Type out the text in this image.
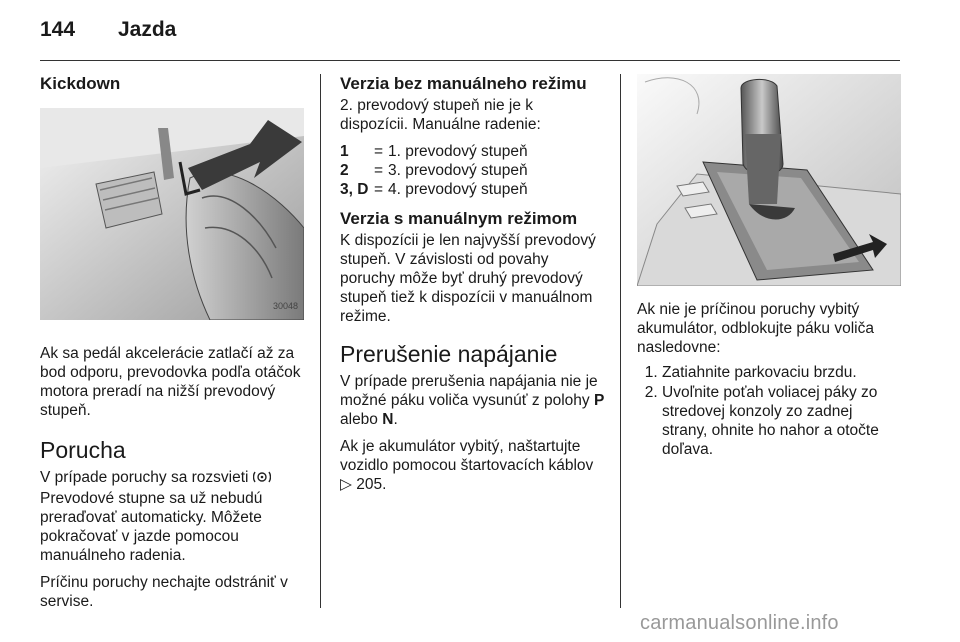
144 Jazda
Kickdown
30048

Ak sa pedál akcelerácie zatlačí až za bod odporu, prevodovka podľa otáčok motora preradí na nižší prevodový stupeň.

Porucha

V prípade poruchy sa rozsvieti
Prevodové stupne sa už nebudú preraďovať automaticky. Môžete pokračovať v jazde pomocou manuálneho radenia.

Príčinu poruchy nechajte odstrániť v servise.

Verzia bez manuálneho režimu

2. prevodový stupeň nie je k dispozícii. Manuálne radenie:

1	=	1. prevodový stupeň
2	=	3. prevodový stupeň
3, D	=	4. prevodový stupeň
Verzia s manuálnym režimom

K dispozícii je len najvyšší prevodový stupeň. V závislosti od povahy poruchy môže byť druhý prevodový stupeň tiež k dispozícii v manuálnom režime.

Prerušenie napájanie

V prípade prerušenia napájania nie je možné páku voliča vysunúť z polohy P alebo N.

Ak je akumulátor vybitý, naštartujte vozidlo pomocou štartovacích káblov ▷ 205.

Ak nie je príčinou poruchy vybitý akumulátor, odblokujte páku voliča nasledovne:

1. Zatiahnite parkovaciu brzdu.
2. Uvoľnite poťah voliacej páky zo stredovej konzoly zo zadnej strany, ohnite ho nahor a otočte doľava.
carmanualsonline.info
